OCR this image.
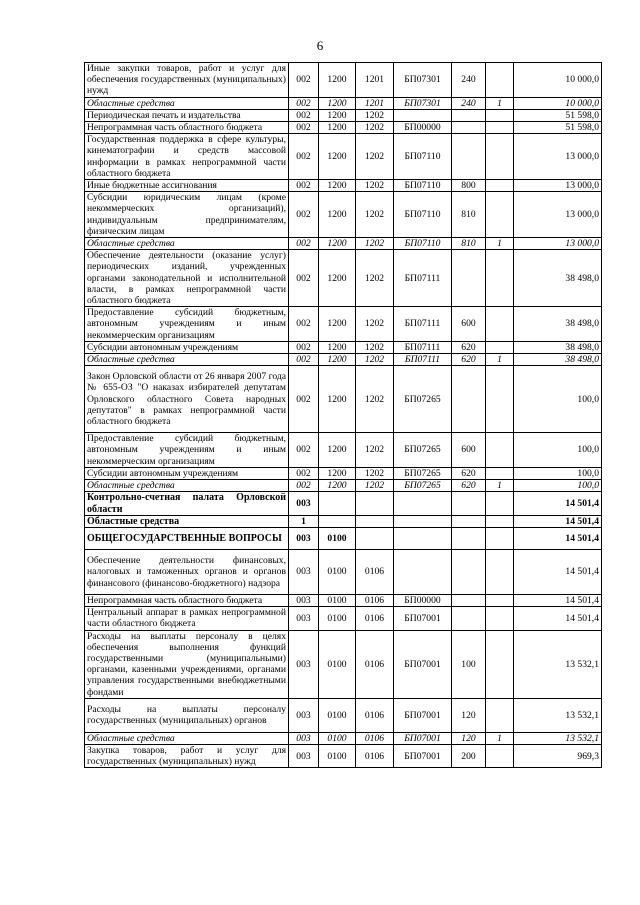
6
Иные закупки товаров, работ и услуг для обеспечения государственных (муниципальных) нужд	002	1200	1201	БП07301	240		10 000,0
Областные средства	002	1200	1201	БП07301	240	1	10 000,0
Периодическая печать и издательства	002	1200	1202				51 598,0
Непрограммная часть областного бюджета	002	1200	1202	БП00000			51 598,0
Государственная поддержка в сфере культуры, кинематографии и средств массовой информации в рамках непрограммной части областного бюджета	002	1200	1202	БП07110			13 000,0
Иные бюджетные ассигнования	002	1200	1202	БП07110	800		13 000,0
Субсидии юридическим лицам (кроме некоммерческих организаций), индивидуальным предпринимателям, физическим лицам	002	1200	1202	БП07110	810		13 000,0
Областные средства	002	1200	1202	БП07110	810	1	13 000,0
Обеспечение деятельности (оказание услуг) периодических изданий, учрежденных органами законодательной и исполнительной власти, в рамках непрограммной части областного бюджета	002	1200	1202	БП07111			38 498,0
Предоставление субсидий бюджетным, автономным учреждениям и иным некоммерческим организациям	002	1200	1202	БП07111	600		38 498,0
Субсидии автономным учреждениям	002	1200	1202	БП07111	620		38 498,0
Областные средства	002	1200	1202	БП07111	620	1	38 498,0
Закон Орловской области от 26 января 2007 года № 655-ОЗ "О наказах избирателей депутатам Орловского областного Совета народных депутатов" в рамках непрограммной части областного бюджета	002	1200	1202	БП07265			100,0
Предоставление субсидий бюджетным, автономным учреждениям и иным некоммерческим организациям	002	1200	1202	БП07265	600		100,0
Субсидии автономным учреждениям	002	1200	1202	БП07265	620		100,0
Областные средства	002	1200	1202	БП07265	620	1	100,0
Контрольно-счетная палата Орловской области	003						14 501,4
Областные средства	1						14 501,4
ОБЩЕГОСУДАРСТВЕННЫЕ ВОПРОСЫ	003	0100					14 501,4
Обеспечение деятельности финансовых, налоговых и таможенных органов и органов финансового (финансово-бюджетного) надзора	003	0100	0106				14 501,4
Непрограммная часть областного бюджета	003	0100	0106	БП00000			14 501,4
Центральный аппарат в рамках непрограммной части областного бюджета	003	0100	0106	БП07001			14 501,4
Расходы на выплаты персоналу в целях обеспечения выполнения функций государственными (муниципальными) органами, казенными учреждениями, органами управления государственными внебюджетными фондами	003	0100	0106	БП07001	100		13 532,1
Расходы на выплаты персоналу государственных (муниципальных) органов	003	0100	0106	БП07001	120		13 532,1
Областные средства	003	0100	0106	БП07001	120	1	13 532,1
Закупка товаров, работ и услуг для государственных (муниципальных) нужд	003	0100	0106	БП07001	200		969,3
